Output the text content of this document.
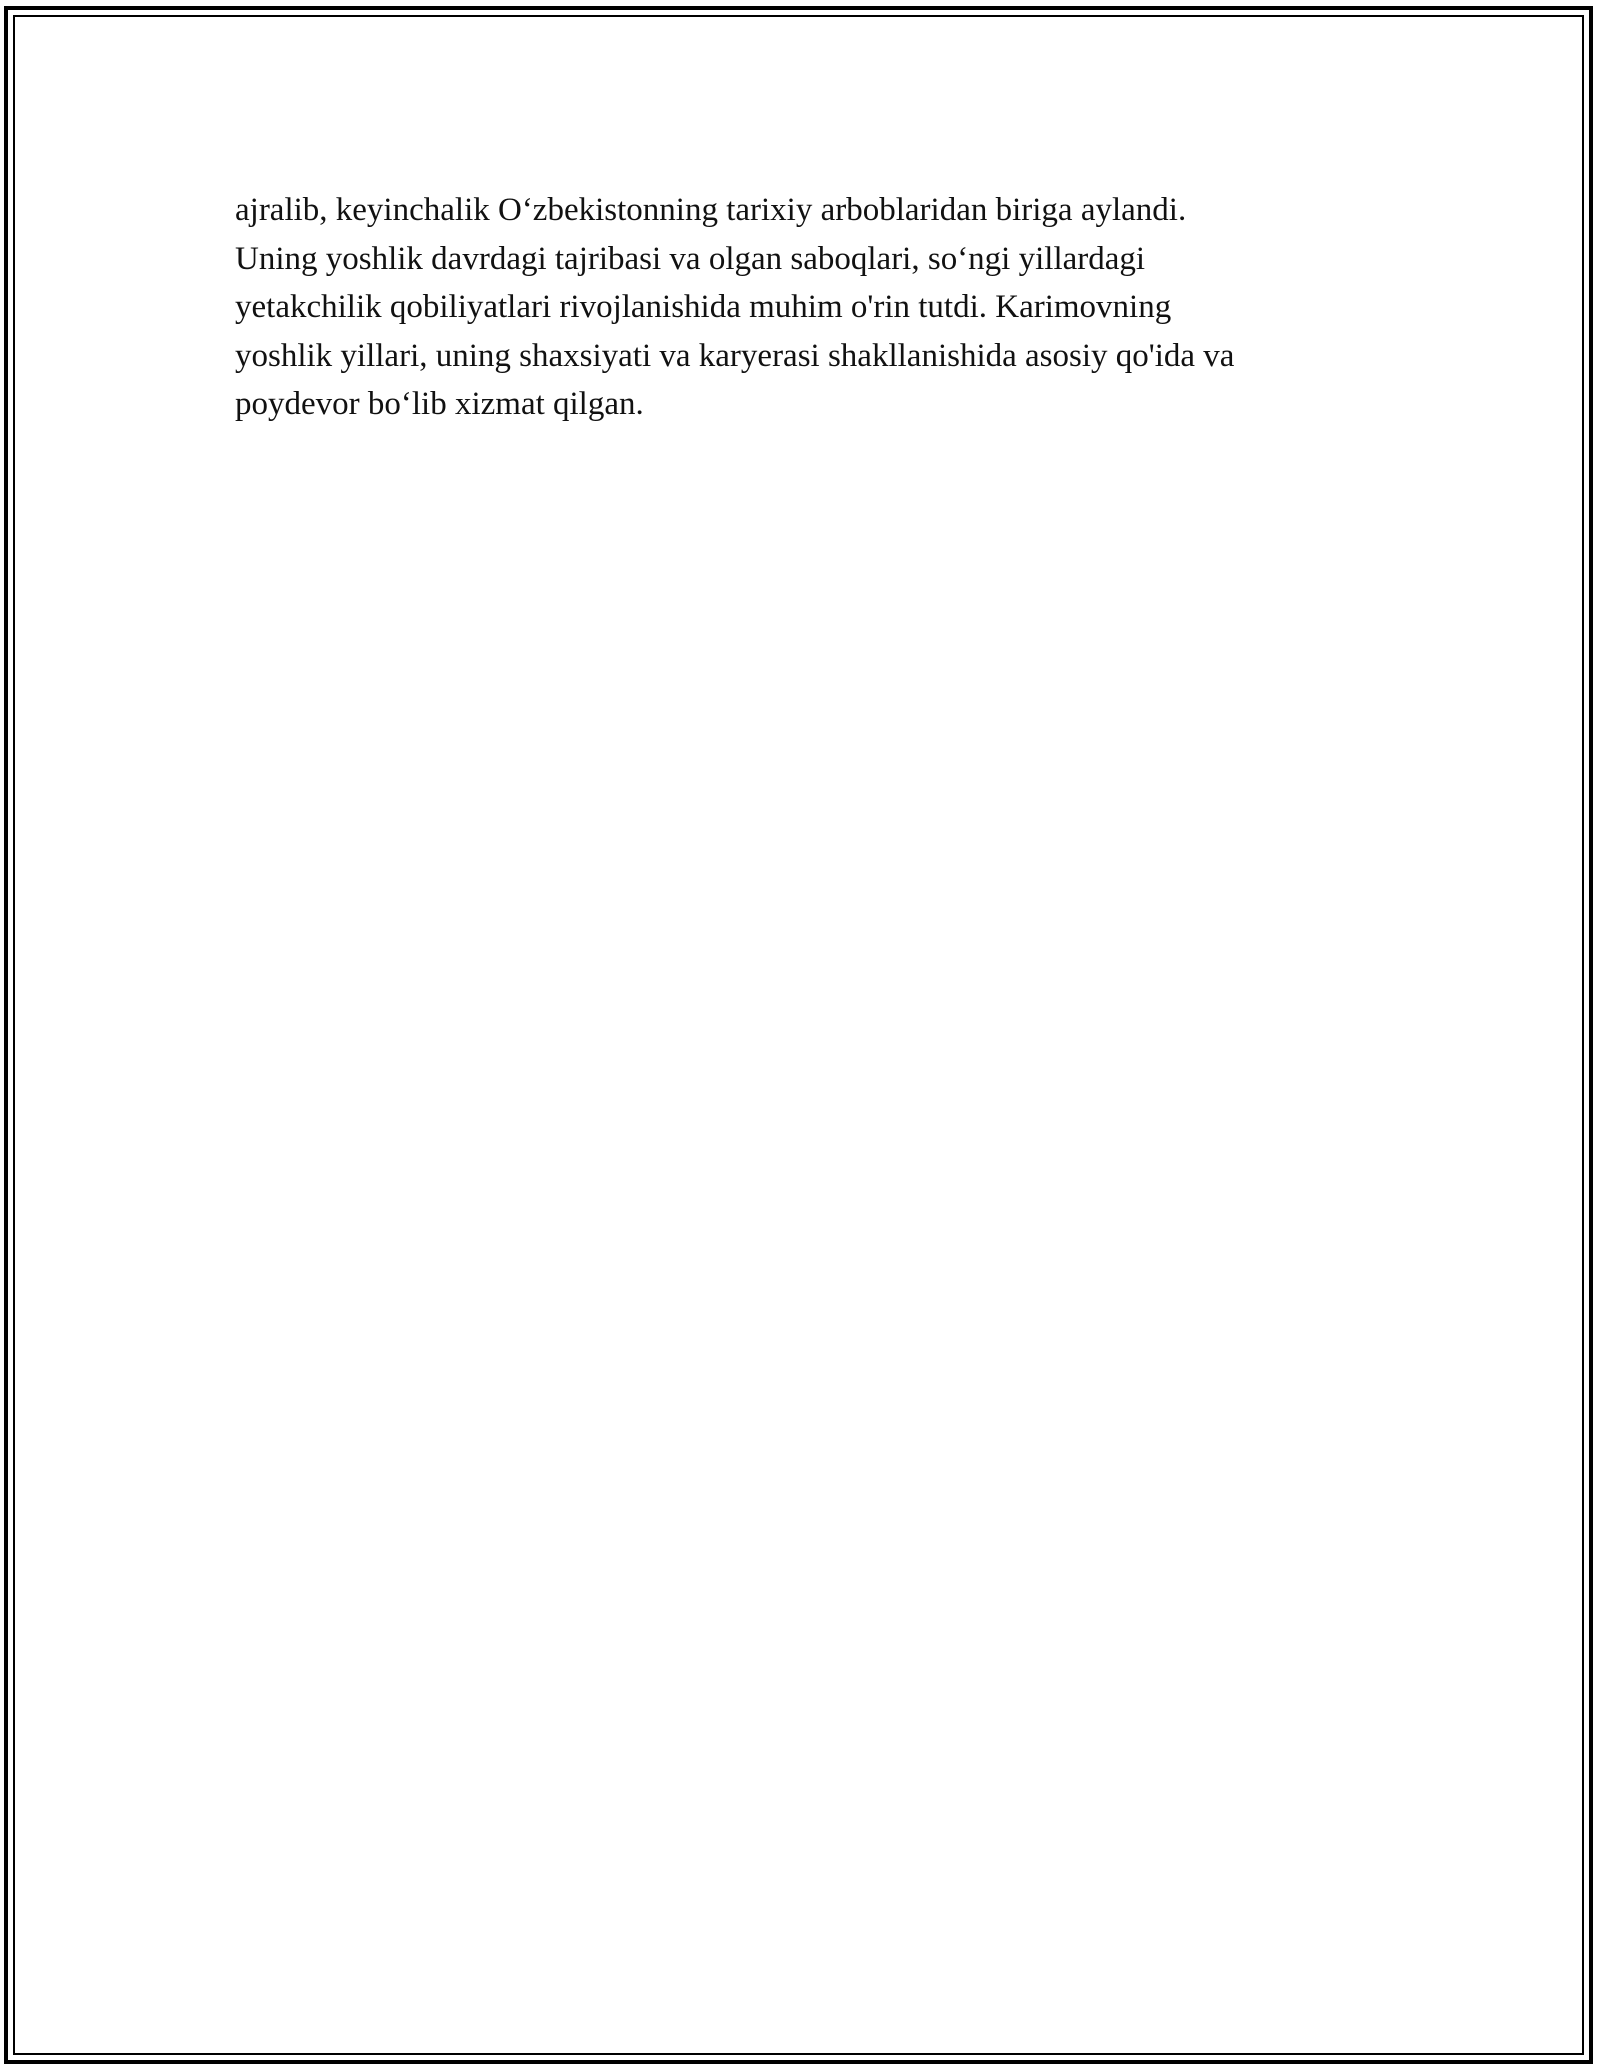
ajralib, keyinchalik O‘zbekistonning tarixiy arboblaridan biriga aylandi.
Uning yoshlik davrdagi tajribasi va olgan saboqlari, so‘ngi yillardagi
yetakchilik qobiliyatlari rivojlanishida muhim o'rin tutdi. Karimovning
yoshlik yillari, uning shaxsiyati va karyerasi shakllanishida asosiy qo'ida va
poydevor bo‘lib xizmat qilgan.
